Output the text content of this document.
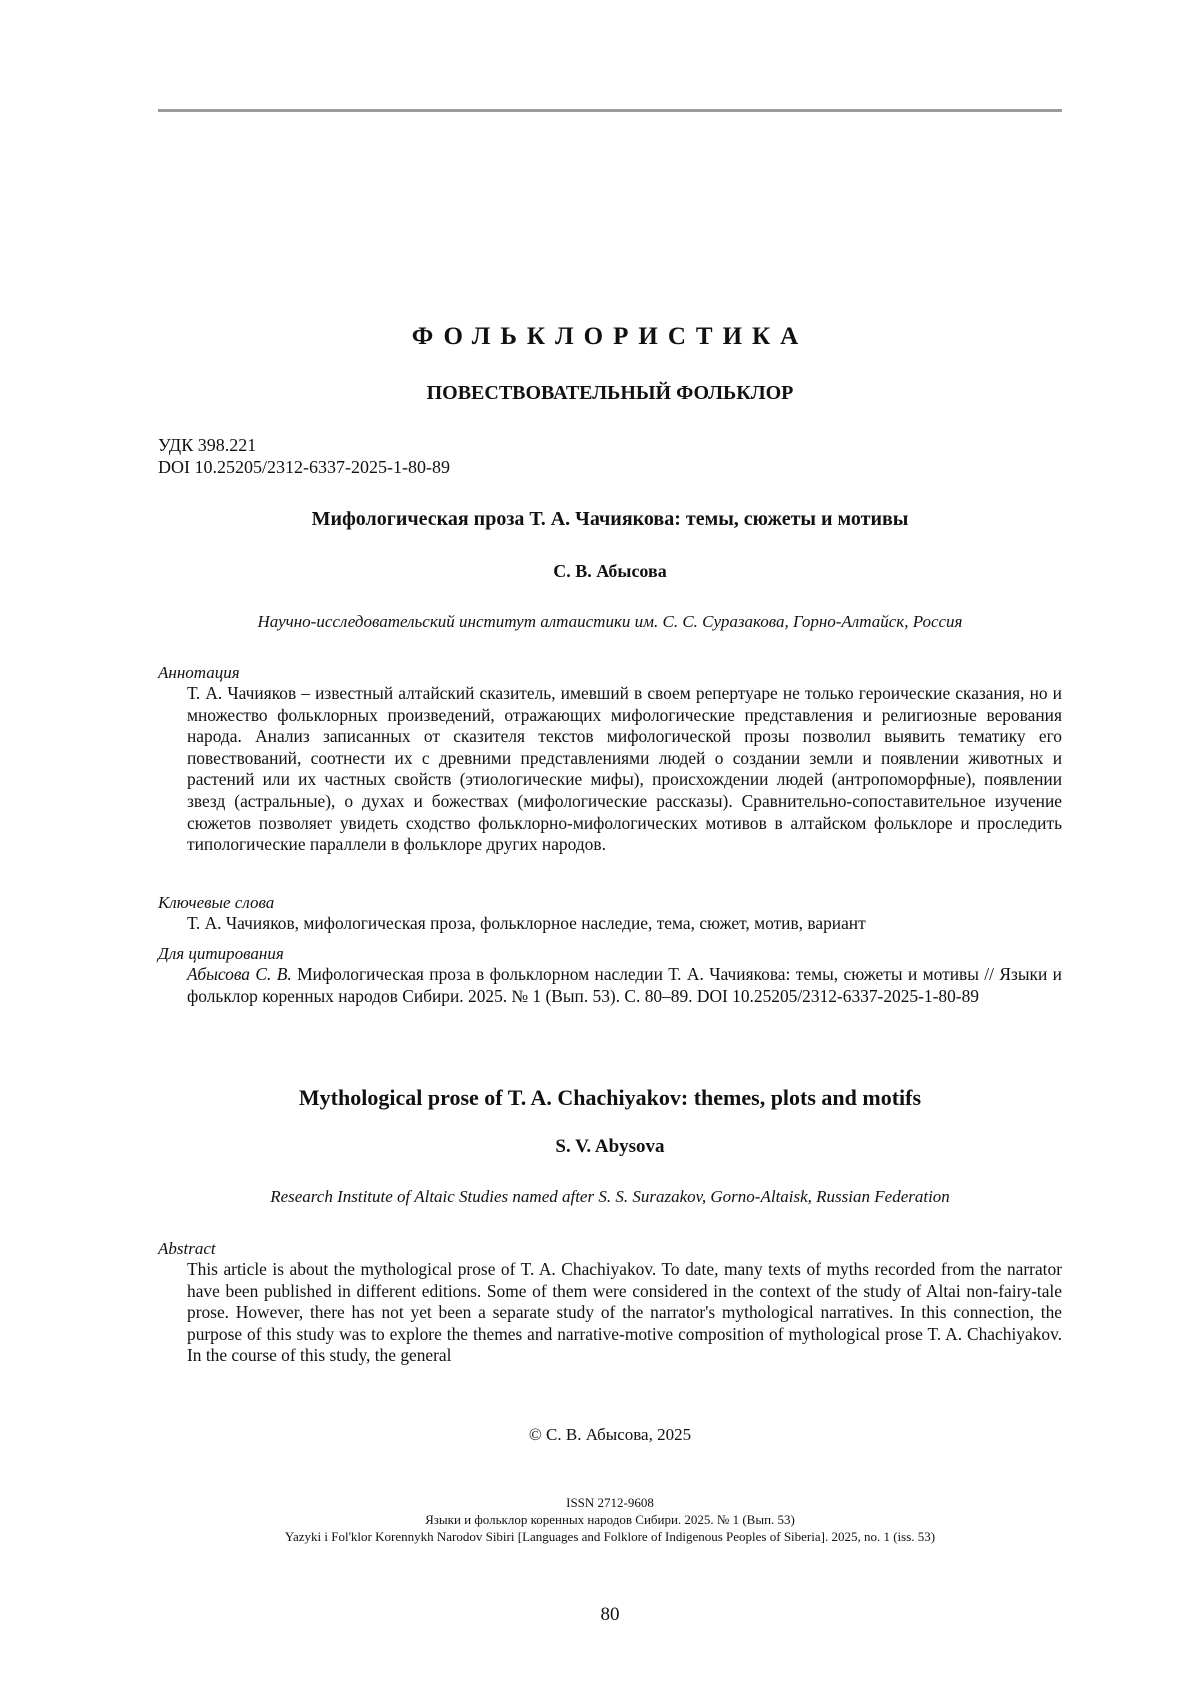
ФОЛЬКЛОРИСТИКА
ПОВЕСТВОВАТЕЛЬНЫЙ ФОЛЬКЛОР
УДК 398.221
DOI 10.25205/2312-6337-2025-1-80-89
Мифологическая проза Т. А. Чачиякова: темы, сюжеты и мотивы
С. В. Абысова
Научно-исследовательский институт алтаистики им. С. С. Суразакова, Горно-Алтайск, Россия
Аннотация
Т. А. Чачияков – известный алтайский сказитель, имевший в своем репертуаре не только героические сказания, но и множество фольклорных произведений, отражающих мифологические представления и религиозные верования народа. Анализ записанных от сказителя текстов мифологической прозы позволил выявить тематику его повествований, соотнести их с древними представлениями людей о создании земли и появлении животных и растений или их частных свойств (этиологические мифы), происхождении людей (антропоморфные), появлении звезд (астральные), о духах и божествах (мифологические рассказы). Сравнительно-сопоставительное изучение сюжетов позволяет увидеть сходство фольклорно-мифологических мотивов в алтайском фольклоре и проследить типологические параллели в фольклоре других народов.
Ключевые слова
Т. А. Чачияков, мифологическая проза, фольклорное наследие, тема, сюжет, мотив, вариант
Для цитирования
Абысова С. В. Мифологическая проза в фольклорном наследии Т. А. Чачиякова: темы, сюжеты и мотивы // Языки и фольклор коренных народов Сибири. 2025. № 1 (Вып. 53). С. 80–89. DOI 10.25205/2312-6337-2025-1-80-89
Mythological prose of T. A. Chachiyakov: themes, plots and motifs
S. V. Abysova
Research Institute of Altaic Studies named after S. S. Surazakov, Gorno-Altaisk, Russian Federation
Abstract
This article is about the mythological prose of T. A. Chachiyakov. To date, many texts of myths recorded from the narrator have been published in different editions. Some of them were considered in the context of the study of Altai non-fairy-tale prose. However, there has not yet been a separate study of the narrator's mythological narratives. In this connection, the purpose of this study was to explore the themes and narrative-motive composition of mythological prose T. A. Chachiyakov. In the course of this study, the general
© С. В. Абысова, 2025
ISSN 2712-9608
Языки и фольклор коренных народов Сибири. 2025. № 1 (Вып. 53)
Yazyki i Fol'klor Korennykh Narodov Sibiri [Languages and Folklore of Indigenous Peoples of Siberia]. 2025, no. 1 (iss. 53)
80
